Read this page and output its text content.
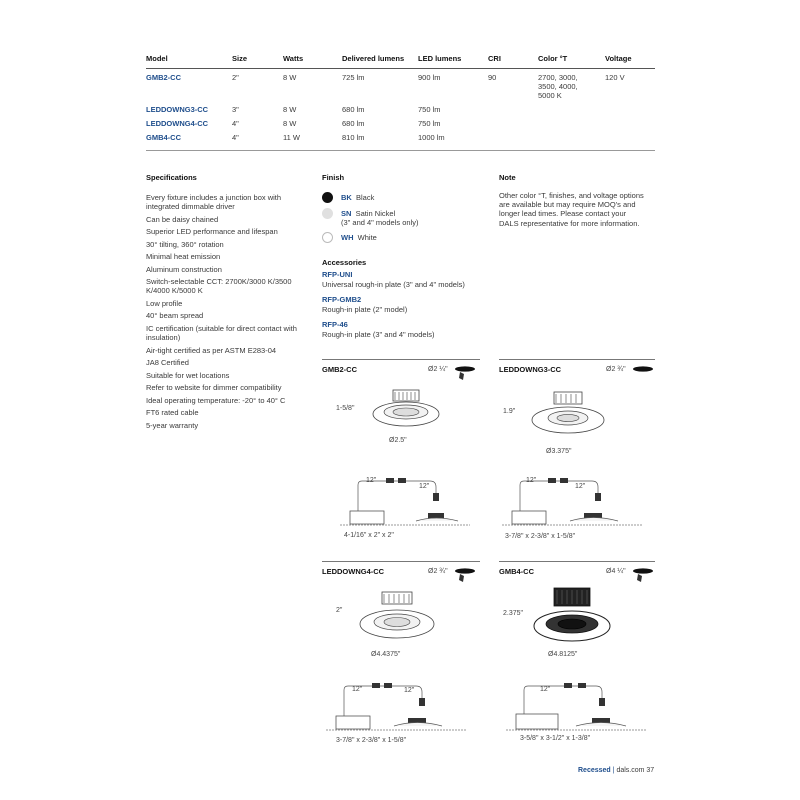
Model	Size	Watts	Delivered lumens	LED lumens	CRI	Color °T	Voltage
GMB2-CC	2"	8 W	725 lm	900 lm	90	2700, 3000, 3500, 4000, 5000 K	120 V
LEDDOWNG3-CC	3"	8 W	680 lm	750 lm			
LEDDOWNG4-CC	4"	8 W	680 lm	750 lm			
GMB4-CC	4"	11 W	810 lm	1000 lm			
Specifications
Every fixture includes a junction box with integrated dimmable driver
Can be daisy chained
Superior LED performance and lifespan
30° tilting, 360° rotation
Minimal heat emission
Aluminum construction
Switch-selectable CCT: 2700K/3000 K/3500 K/4000 K/5000 K
Low profile
40° beam spread
IC certification (suitable for direct contact with insulation)
Air-tight certified as per ASTM E283-04
JA8 Certified
Suitable for wet locations
Refer to website for dimmer compatibility
Ideal operating temperature: -20° to 40° C
FT6 rated cable
5-year warranty
Finish
BK Black
SN Satin Nickel
(3" and 4" models only)
WH White
Accessories
RFP-UNI
Universal rough-in plate (3" and 4" models)
RFP-GMB2
Rough-in plate (2" model)
RFP-46
Rough-in plate (3" and 4" models)
Note
Other color °T, finishes, and voltage options are available but may require MOQ's and longer lead times. Please contact your DALS representative for more information.
GMB2-CC	Ø2 ¼"
1-5/8"
Ø2.5"
12"
12"
4-1/16" x 2" x 2"
LEDDOWNG3-CC	Ø2 ¾"
1.9"
Ø3.375"
12"
12"
3-7/8" x 2-3/8" x 1-5/8"
LEDDOWNG4-CC	Ø2 ¾"
2"
Ø4.4375"
12"	12"
3-7/8" x 2-3/8" x 1-5/8"
GMB4-CC	Ø4 ¼"
2.375"
Ø4.8125"
12"
3-5/8" x 3-1/2" x 1-3/8"
Recessed | dals.com 37
